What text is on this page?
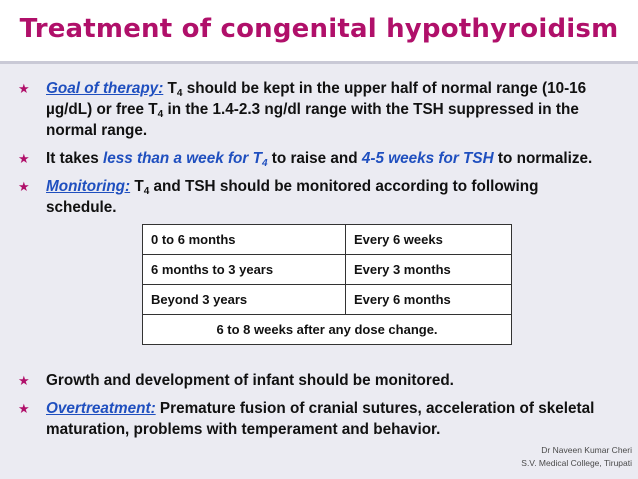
Treatment of congenital hypothyroidism
★ Goal of therapy: $T_4$ should be kept in the upper half of normal range (10-16 µg/dL) or free $T_4$ in the 1.4-2.3 ng/dl range with the TSH suppressed in the normal range.
★ It takes less than a week for $T_4$ to raise and 4-5 weeks for TSH to normalize.
★ Monitoring: $T_4$ and TSH should be monitored according to following schedule.
0 to 6 months	Every 6 weeks
6 months to 3 years	Every 3 months
Beyond 3 years	Every 6 months
6 to 8 weeks after any dose change.	
★ Growth and development of infant should be monitored.
★ Overtreatment: Premature fusion of cranial sutures, acceleration of skeletal maturation, problems with temperament and behavior.
Dr Naveen Kumar Cheri
S.V. Medical College, Tirupati
